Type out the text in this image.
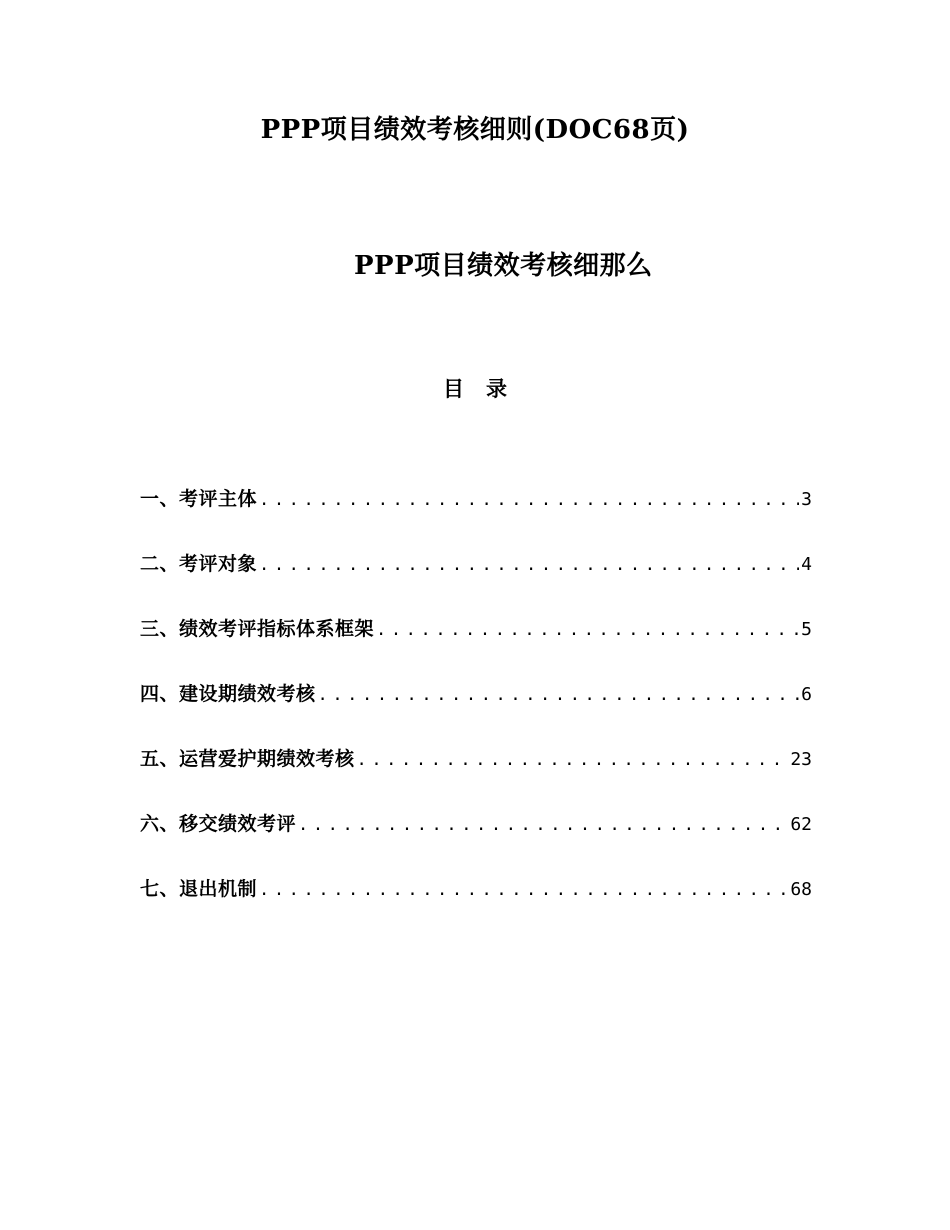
PPP项目绩效考核细则(DOC68页)
PPP项目绩效考核细那么
目   录
一、考评主体 .....	3
二、考评对象 .....	4
三、绩效考评指标体系框架 .....	5
四、建设期绩效考核 .....	6
五、运营爱护期绩效考核 .....	23
六、移交绩效考评 .....	62
七、退出机制 .....	68
